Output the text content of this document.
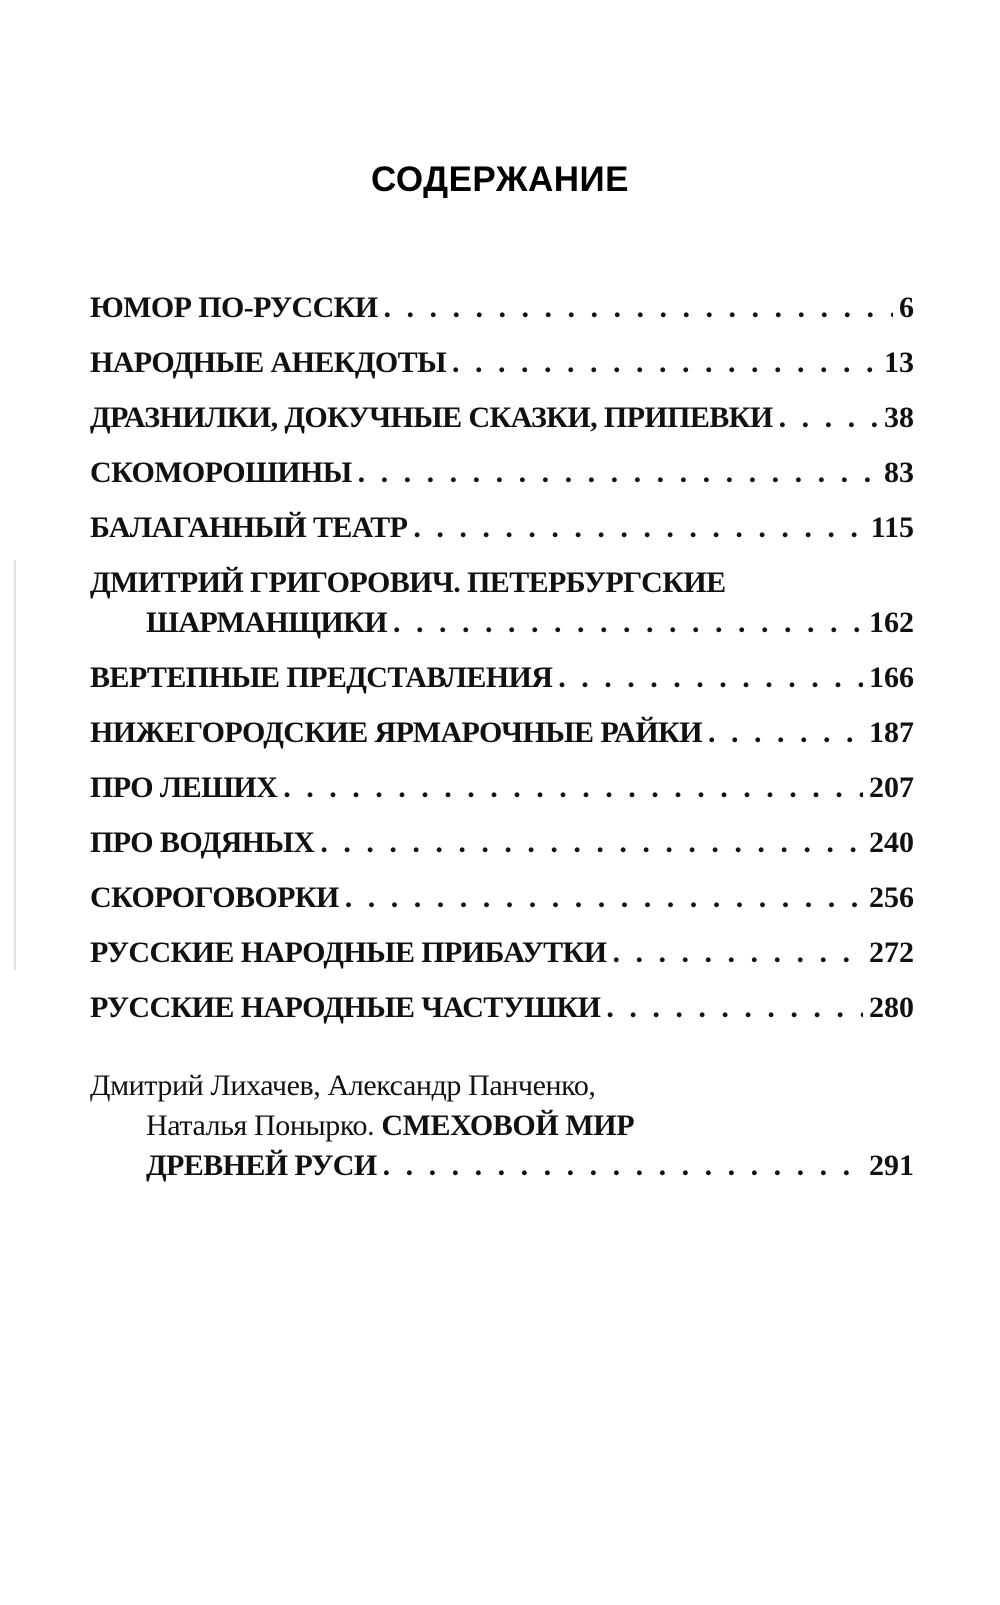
СОДЕРЖАНИЕ
ЮМОР ПО-РУССКИ . . .	6
НАРОДНЫЕ АНЕКДОТЫ . . .	13
ДРАЗНИЛКИ, ДОКУЧНЫЕ СКАЗКИ, ПРИПЕВКИ . . .	38
СКОМОРОШИНЫ . . .	83
БАЛАГАННЫЙ ТЕАТР . . .	115
ДМИТРИЙ ГРИГОРОВИЧ. ПЕТЕРБУРГСКИЕ
ШАРМАНЩИКИ . . .	162
ВЕРТЕПНЫЕ ПРЕДСТАВЛЕНИЯ . . .	166
НИЖЕГОРОДСКИЕ ЯРМАРОЧНЫЕ РАЙКИ . . .	187
ПРО ЛЕШИХ . . .	207
ПРО ВОДЯНЫХ . . .	240
СКОРОГОВОРКИ . . .	256
РУССКИЕ НАРОДНЫЕ ПРИБАУТКИ . . .	272
РУССКИЕ НАРОДНЫЕ ЧАСТУШКИ . . .	280
Дмитрий Лихачев, Александр Панченко,
Наталья Понырко. СМЕХОВОЙ МИР
ДРЕВНЕЙ РУСИ . . .	291
